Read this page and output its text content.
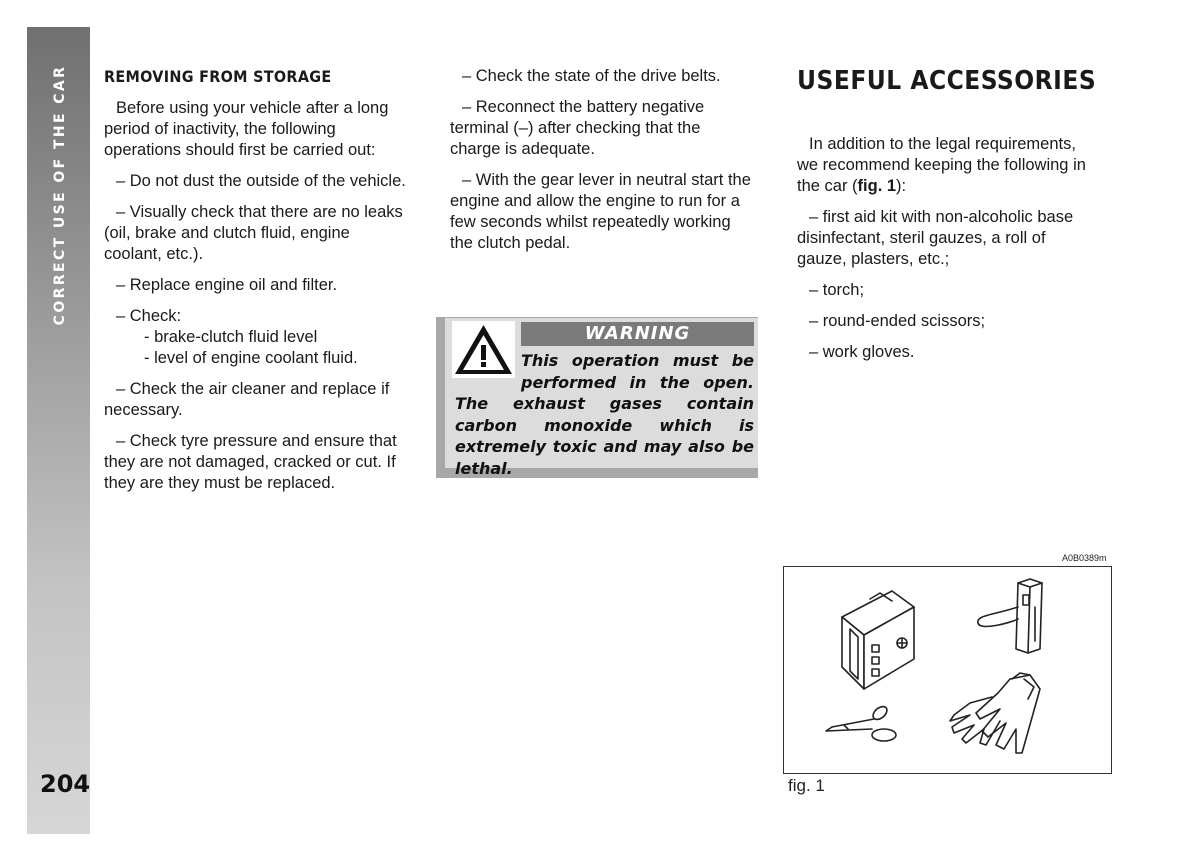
CORRECT USE OF THE CAR
204
REMOVING FROM STORAGE

Before using your vehicle after a long period of inactivity, the following operations should first be carried out:

– Do not dust the outside of the vehicle.

– Visually check that there are no leaks (oil, brake and clutch fluid, engine coolant, etc.).

– Replace engine oil and filter.

– Check:
- brake-clutch fluid level
- level of engine coolant fluid.

– Check the air cleaner and replace if necessary.

– Check tyre pressure and ensure that they are not damaged, cracked or cut. If they are they must be replaced.

– Check the state of the drive belts.

– Reconnect the battery negative terminal (–) after checking that the charge is adequate.

– With the gear lever in neutral start the engine and allow the engine to run for a few seconds whilst repeatedly working the clutch pedal.

WARNING
This operation must be performed in the open. The exhaust gases contain carbon monoxide which is extremely toxic and may also be lethal.
USEFUL ACCESSORIES

In addition to the legal requirements, we recommend keeping the following in the car (fig. 1):

– first aid kit with non-alcoholic base disinfectant, steril gauzes, a roll of gauze, plasters, etc.;

– torch;

– round-ended scissors;

– work gloves.

A0B0389m
fig. 1
